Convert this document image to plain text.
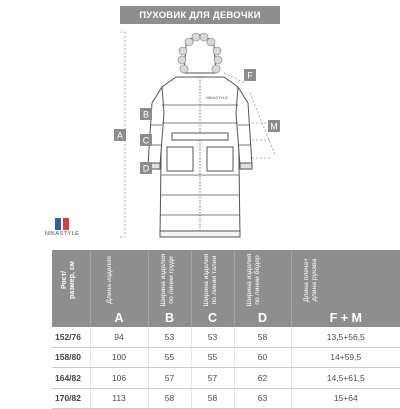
ПУХОВИК ДЛЯ ДЕВОЧКИ
NIKASTYLE
A
B
C
D
F
M
NIKASTYLE
Рост/
размер, см	Длина изделия	Ширина изделия
по линии груди	Ширина изделия
по линии талии	Ширина изделия
по линии бёдер	Длина плеча+
длина рукава

	A	B	C	D	F + M
152/76	94	53	53	58	13,5+56,5
158/80	100	55	55	60	14+59,5
164/82	106	57	57	62	14,5+61,5
170/82	113	58	58	63	15+64
